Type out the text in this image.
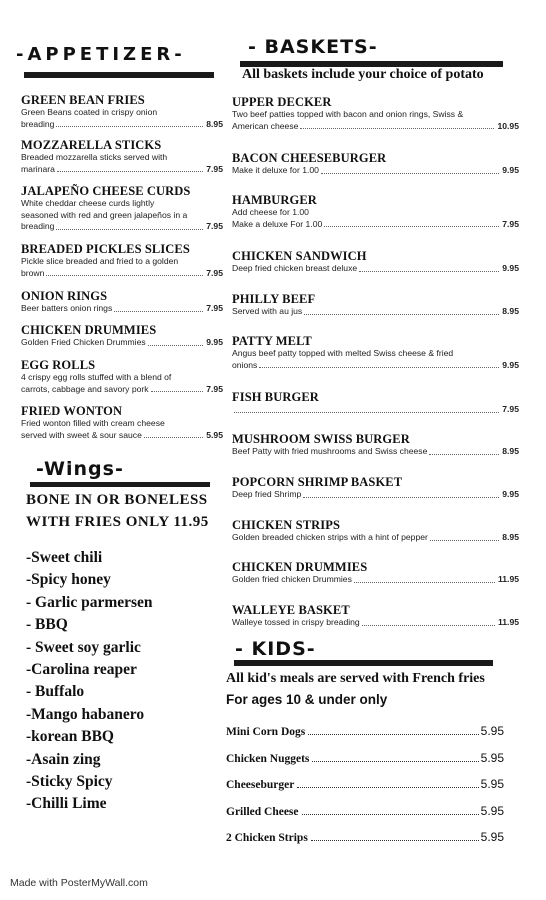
-APPETIZER-
GREEN BEAN FRIES
Green Beans coated in crispy onion
breading	8.95
MOZZARELLA STICKS
Breaded mozzarella sticks served with
marinara	7.95
JALAPEÑO CHEESE CURDS
White cheddar cheese curds lightly
seasoned with red and green jalapeños in a
breading	7.95
BREADED PICKLES SLICES
Pickle slice breaded and fried to a golden
brown	7.95
ONION RINGS
Beer batters onion rings	7.95
CHICKEN DRUMMIES
Golden Fried Chicken Drummies	9.95
EGG ROLLS
4 crispy egg rolls stuffed with a blend of
carrots, cabbage and savory pork	7.95
FRIED WONTON
Fried wonton filled with cream cheese
served with sweet & sour sauce	5.95
-Wings-
BONE IN OR BONELESS
WITH FRIES ONLY 11.95
-Sweet chili
-Spicy honey
- Garlic parmersen
- BBQ
- Sweet soy garlic
-Carolina reaper
- Buffalo
-Mango habanero
-korean BBQ
-Asain zing
-Sticky Spicy
-Chilli Lime
- BASKETS-
All baskets include your choice of potato
UPPER DECKER
Two beef patties topped with bacon and onion rings, Swiss &
American cheese	10.95
BACON CHEESEBURGER
Make it deluxe for 1.00	9.95
HAMBURGER
Add cheese for 1.00
Make a deluxe For 1.00	7.95
CHICKEN SANDWICH
Deep fried chicken breast deluxe	9.95
PHILLY BEEF
Served with au jus	8.95
PATTY MELT
Angus beef patty topped with melted Swiss cheese & fried
onions	9.95
FISH BURGER
7.95
MUSHROOM SWISS BURGER
Beef Patty with fried mushrooms and Swiss cheese	8.95
POPCORN SHRIMP BASKET
Deep fried Shrimp	9.95
CHICKEN STRIPS
Golden breaded chicken strips with a hint of pepper	8.95
CHICKEN DRUMMIES
Golden fried chicken Drummies	11.95
WALLEYE BASKET
Walleye tossed in crispy breading	11.95
- KIDS-
All kid's meals are served with French fries
For ages 10 & under only
Mini Corn Dogs	5.95
Chicken Nuggets	5.95
Cheeseburger	5.95
Grilled Cheese	5.95
2 Chicken Strips	5.95
Made with PosterMyWall.com
